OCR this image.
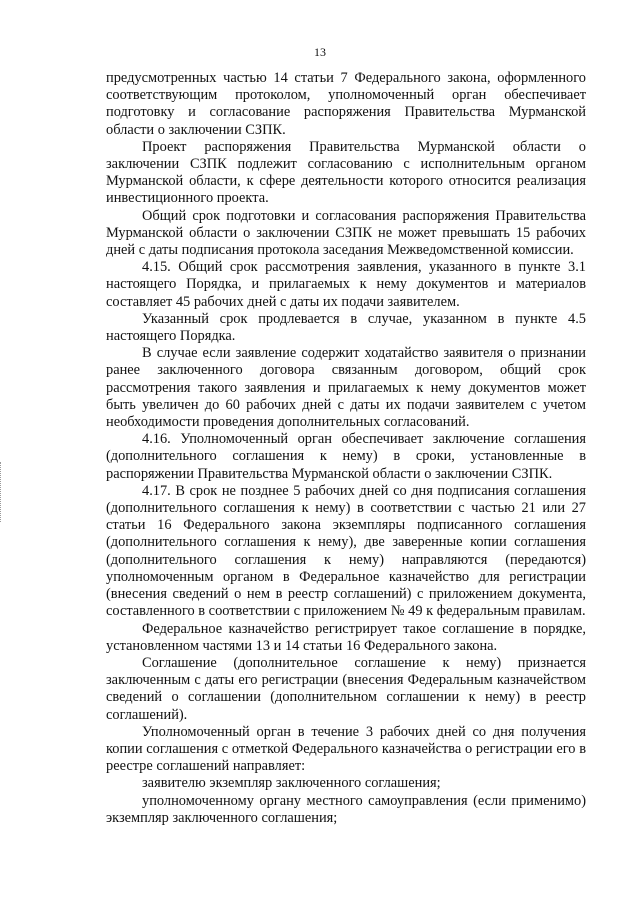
13

предусмотренных частью 14 статьи 7 Федерального закона, оформленного соответствующим протоколом, уполномоченный орган обеспечивает подготовку и согласование распоряжения Правительства Мурманской области о заключении СЗПК.

Проект распоряжения Правительства Мурманской области о заключении СЗПК подлежит согласованию с исполнительным органом Мурманской области, к сфере деятельности которого относится реализация инвестиционного проекта.

Общий срок подготовки и согласования распоряжения Правительства Мурманской области о заключении СЗПК не может превышать 15 рабочих дней с даты подписания протокола заседания Межведомственной комиссии.

4.15. Общий срок рассмотрения заявления, указанного в пункте 3.1 настоящего Порядка, и прилагаемых к нему документов и материалов составляет 45 рабочих дней с даты их подачи заявителем.

Указанный срок продлевается в случае, указанном в пункте 4.5 настоящего Порядка.

В случае если заявление содержит ходатайство заявителя о признании ранее заключенного договора связанным договором, общий срок рассмотрения такого заявления и прилагаемых к нему документов может быть увеличен до 60 рабочих дней с даты их подачи заявителем с учетом необходимости проведения дополнительных согласований.

4.16. Уполномоченный орган обеспечивает заключение соглашения (дополнительного соглашения к нему) в сроки, установленные в распоряжении Правительства Мурманской области о заключении СЗПК.

4.17. В срок не позднее 5 рабочих дней со дня подписания соглашения (дополнительного соглашения к нему) в соответствии с частью 21 или 27 статьи 16 Федерального закона экземпляры подписанного соглашения (дополнительного соглашения к нему), две заверенные копии соглашения (дополнительного соглашения к нему) направляются (передаются) уполномоченным органом в Федеральное казначейство для регистрации (внесения сведений о нем в реестр соглашений) с приложением документа, составленного в соответствии с приложением № 49 к федеральным правилам.

Федеральное казначейство регистрирует такое соглашение в порядке, установленном частями 13 и 14 статьи 16 Федерального закона.

Соглашение (дополнительное соглашение к нему) признается заключенным с даты его регистрации (внесения Федеральным казначейством сведений о соглашении (дополнительном соглашении к нему) в реестр соглашений).

Уполномоченный орган в течение 3 рабочих дней со дня получения копии соглашения с отметкой Федерального казначейства о регистрации его в реестре соглашений направляет:

заявителю экземпляр заключенного соглашения;

уполномоченному органу местного самоуправления (если применимо) экземпляр заключенного соглашения;
